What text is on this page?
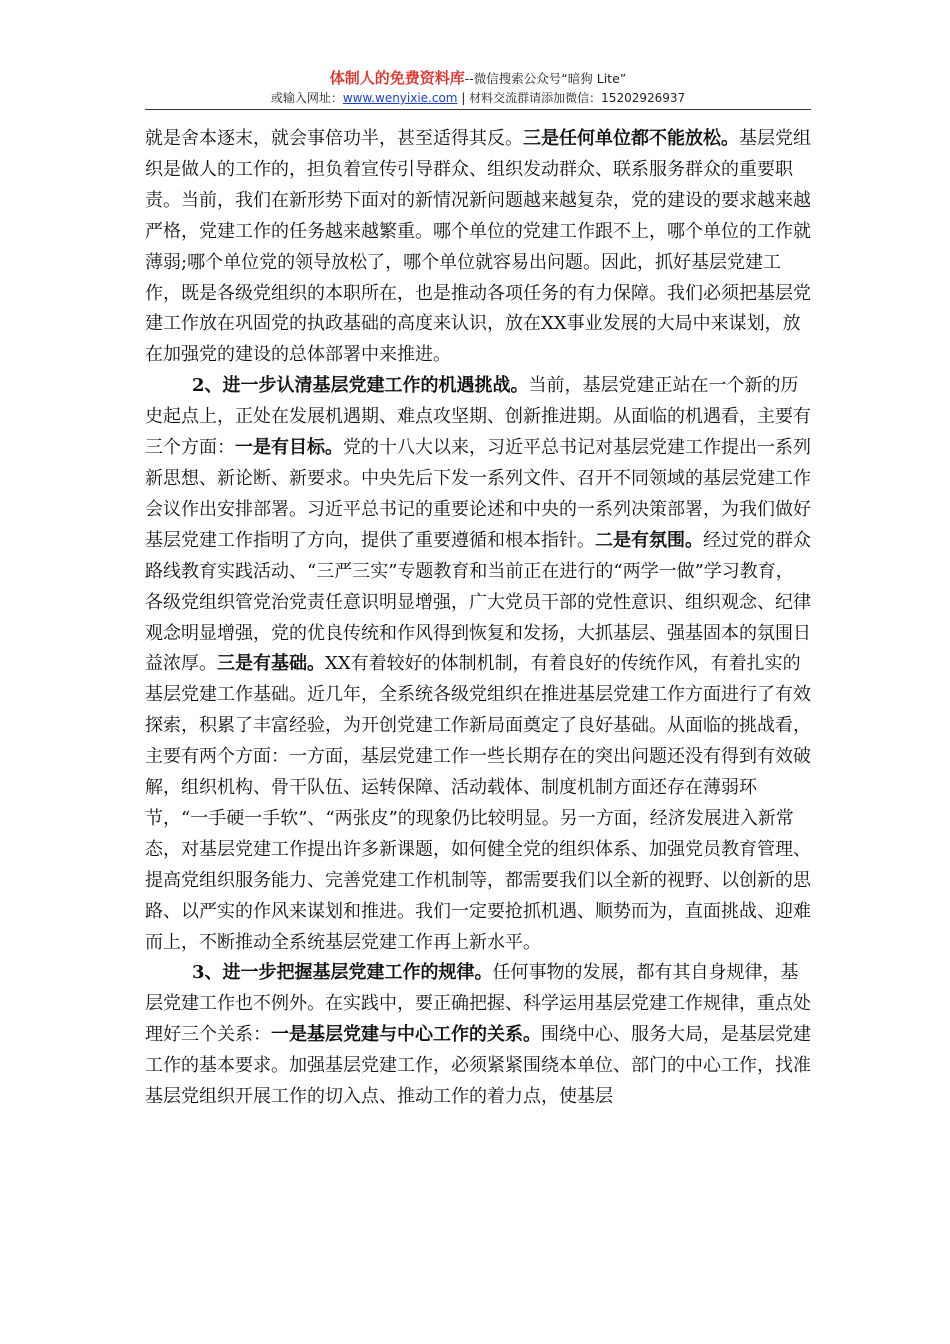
体制人的免费资料库--微信搜索公众号“暗狗 Lite”
或输入网址：www.wenyixie.com | 材料交流群请添加微信：15202926937

就是舍本逐末，就会事倍功半，甚至适得其反。三是任何单位都不能放松。基层党组织是做人的工作的，担负着宣传引导群众、组织发动群众、联系服务群众的重要职责。当前，我们在新形势下面对的新情况新问题越来越复杂，党的建设的要求越来越严格，党建工作的任务越来越繁重。哪个单位的党建工作跟不上，哪个单位的工作就薄弱;哪个单位党的领导放松了，哪个单位就容易出问题。因此，抓好基层党建工作，既是各级党组织的本职所在，也是推动各项任务的有力保障。我们必须把基层党建工作放在巩固党的执政基础的高度来认识，放在XX事业发展的大局中来谋划，放在加强党的建设的总体部署中来推进。

2、进一步认清基层党建工作的机遇挑战。当前，基层党建正站在一个新的历史起点上，正处在发展机遇期、难点攻坚期、创新推进期。从面临的机遇看，主要有三个方面：一是有目标。党的十八大以来，习近平总书记对基层党建工作提出一系列新思想、新论断、新要求。中央先后下发一系列文件、召开不同领域的基层党建工作会议作出安排部署。习近平总书记的重要论述和中央的一系列决策部署，为我们做好基层党建工作指明了方向，提供了重要遵循和根本指针。二是有氛围。经过党的群众路线教育实践活动、“三严三实”专题教育和当前正在进行的“两学一做”学习教育，各级党组织管党治党责任意识明显增强，广大党员干部的党性意识、组织观念、纪律观念明显增强，党的优良传统和作风得到恢复和发扬，大抓基层、强基固本的氛围日益浓厚。三是有基础。XX有着较好的体制机制，有着良好的传统作风，有着扎实的基层党建工作基础。近几年，全系统各级党组织在推进基层党建工作方面进行了有效探索，积累了丰富经验，为开创党建工作新局面奠定了良好基础。从面临的挑战看，主要有两个方面：一方面，基层党建工作一些长期存在的突出问题还没有得到有效破解，组织机构、骨干队伍、运转保障、活动载体、制度机制方面还存在薄弱环节，“一手硬一手软”、“两张皮”的现象仍比较明显。另一方面，经济发展进入新常态，对基层党建工作提出许多新课题，如何健全党的组织体系、加强党员教育管理、提高党组织服务能力、完善党建工作机制等，都需要我们以全新的视野、以创新的思路、以严实的作风来谋划和推进。我们一定要抢抓机遇、顺势而为，直面挑战、迎难而上，不断推动全系统基层党建工作再上新水平。

3、进一步把握基层党建工作的规律。任何事物的发展，都有其自身规律，基层党建工作也不例外。在实践中，要正确把握、科学运用基层党建工作规律，重点处理好三个关系：一是基层党建与中心工作的关系。围绕中心、服务大局，是基层党建工作的基本要求。加强基层党建工作，必须紧紧围绕本单位、部门的中心工作，找准基层党组织开展工作的切入点、推动工作的着力点，使基层
